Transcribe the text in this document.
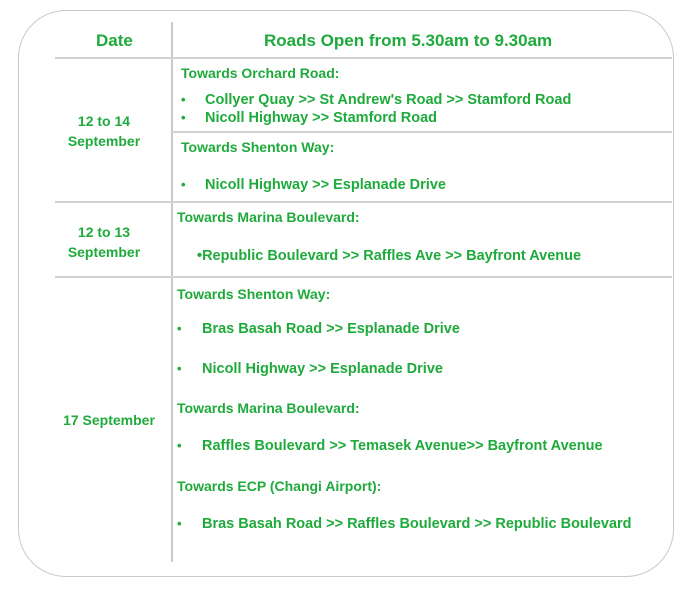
Date	Roads Open from 5.30am to 9.30am
12 to 14
September
Towards Orchard Road:
• Collyer Quay >> St Andrew's Road >> Stamford Road
• Nicoll Highway >> Stamford Road
Towards Shenton Way:
• Nicoll Highway >> Esplanade Drive
12 to 13
September
Towards Marina Boulevard:
•Republic Boulevard >> Raffles Ave >> Bayfront Avenue
17 September
Towards Shenton Way:
• Bras Basah Road >> Esplanade Drive
• Nicoll Highway >> Esplanade Drive
Towards Marina Boulevard:
• Raffles Boulevard >> Temasek Avenue>> Bayfront Avenue
Towards ECP (Changi Airport):
• Bras Basah Road >> Raffles Boulevard >> Republic Boulevard
